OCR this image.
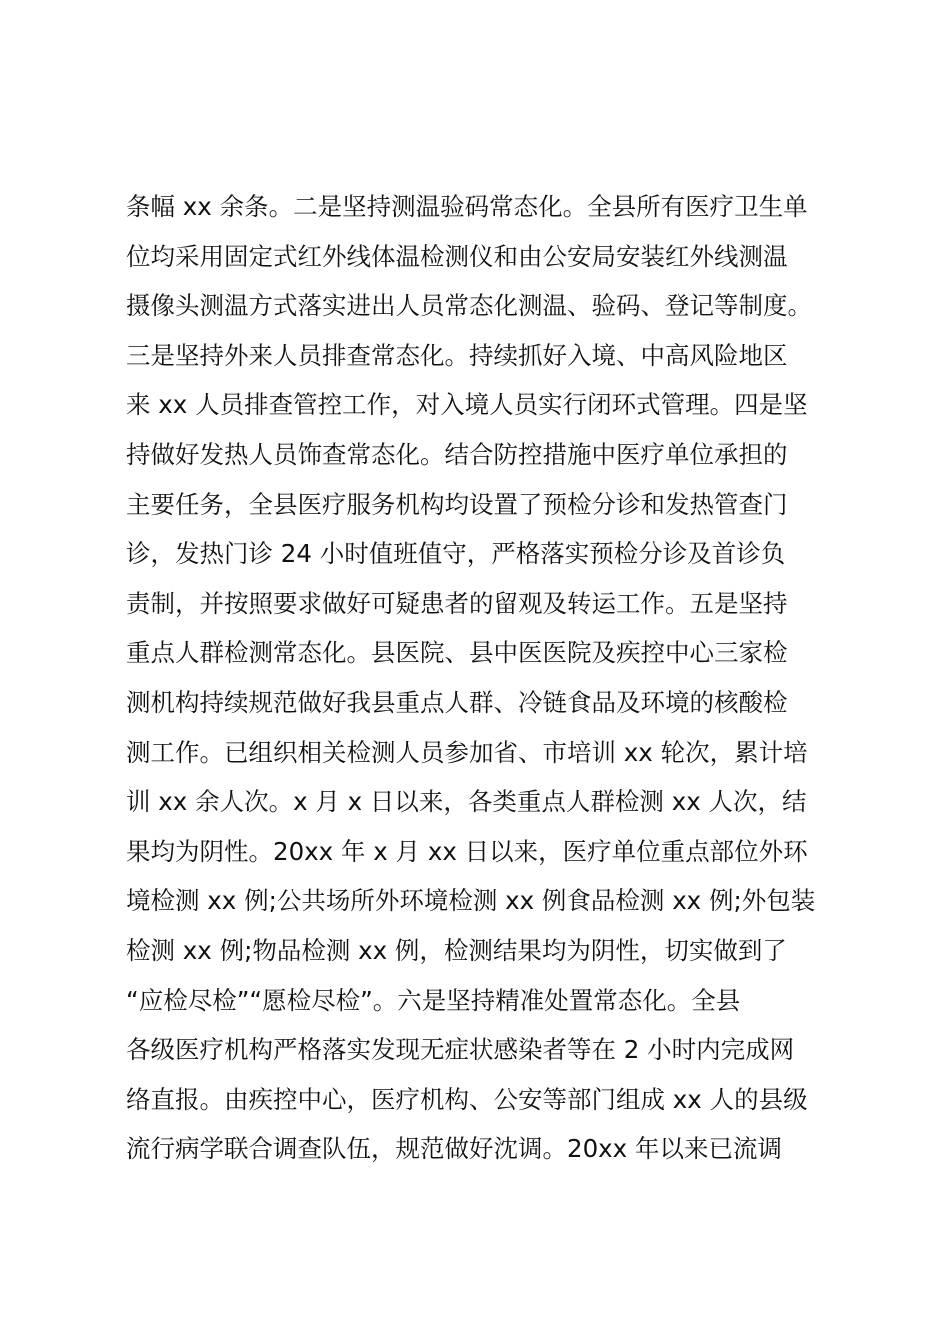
条幅 xx 余条。二是坚持测温验码常态化。全县所有医疗卫生单
位均采用固定式红外线体温检测仪和由公安局安装红外线测温
摄像头测温方式落实进出人员常态化测温、验码、登记等制度。
三是坚持外来人员排查常态化。持续抓好入境、中高风险地区
来 xx 人员排查管控工作，对入境人员实行闭环式管理。四是坚
持做好发热人员饰查常态化。结合防控措施中医疗单位承担的
主要任务，全县医疗服务机构均设置了预检分诊和发热管查门
诊，发热门诊 24 小时值班值守，严格落实预检分诊及首诊负
责制，并按照要求做好可疑患者的留观及转运工作。五是坚持
重点人群检测常态化。县医院、县中医医院及疾控中心三家检
测机构持续规范做好我县重点人群、冷链食品及环境的核酸检
测工作。已组织相关检测人员参加省、市培训 xx 轮次，累计培
训 xx 余人次。x 月 x 日以来，各类重点人群检测 xx 人次，结
果均为阴性。20xx 年 x 月 xx 日以来，医疗单位重点部位外环
境检测 xx 例;公共场所外环境检测 xx 例食品检测 xx 例;外包装
检测 xx 例;物品检测 xx 例，检测结果均为阴性，切实做到了
“应检尽检”“愿检尽检”。六是坚持精准处置常态化。全县
各级医疗机构严格落实发现无症状感染者等在 2 小时内完成网
络直报。由疾控中心，医疗机构、公安等部门组成 xx 人的县级
流行病学联合调查队伍，规范做好沈调。20xx 年以来已流调
